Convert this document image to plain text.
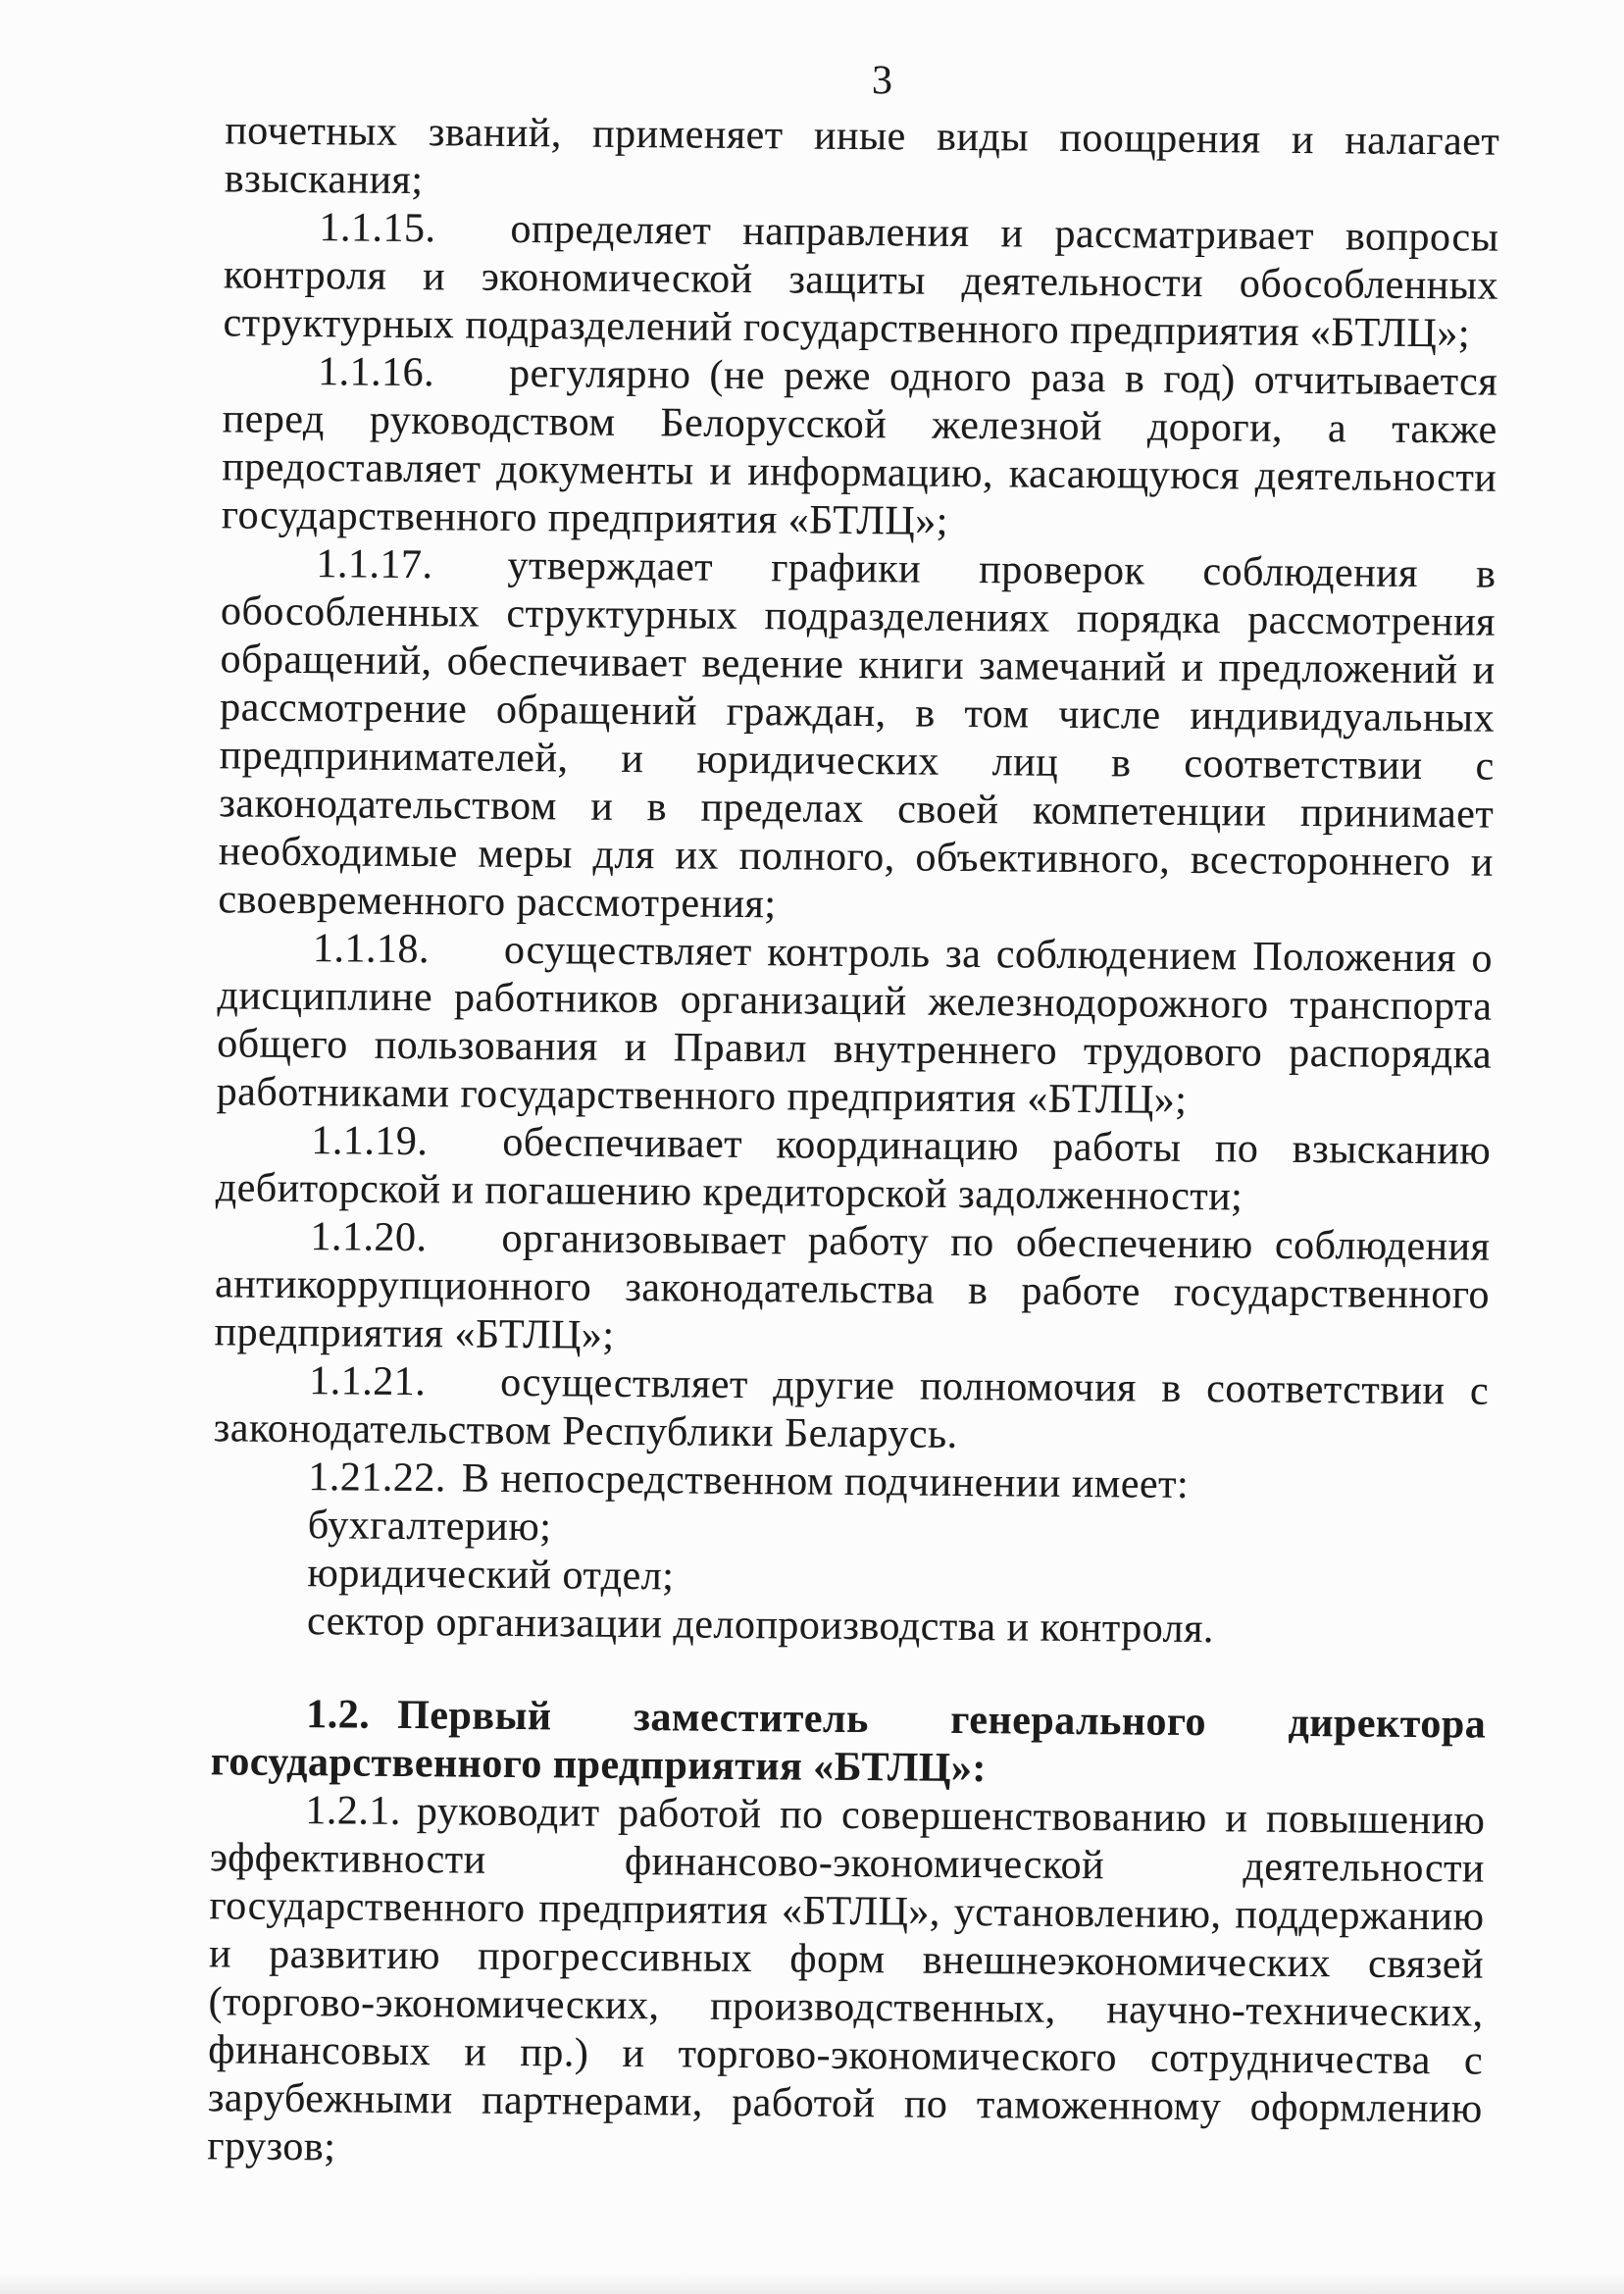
3

почетных званий, применяет иные виды поощрения и налагает взыскания;

1.1.15. определяет направления и рассматривает вопросы контроля и экономической защиты деятельности обособленных структурных подразделений государственного предприятия «БТЛЦ»;

1.1.16. регулярно (не реже одного раза в год) отчитывается перед руководством Белорусской железной дороги, а также предоставляет документы и информацию, касающуюся деятельности государственного предприятия «БТЛЦ»;

1.1.17. утверждает графики проверок соблюдения в обособленных структурных подразделениях порядка рассмотрения обращений, обеспечивает ведение книги замечаний и предложений и рассмотрение обращений граждан, в том числе индивидуальных предпринимателей, и юридических лиц в соответствии с законодательством и в пределах своей компетенции принимает необходимые меры для их полного, объективного, всестороннего и своевременного рассмотрения;

1.1.18. осуществляет контроль за соблюдением Положения о дисциплине работников организаций железнодорожного транспорта общего пользования и Правил внутреннего трудового распорядка работниками государственного предприятия «БТЛЦ»;

1.1.19. обеспечивает координацию работы по взысканию дебиторской и погашению кредиторской задолженности;

1.1.20. организовывает работу по обеспечению соблюдения антикоррупционного законодательства в работе государственного предприятия «БТЛЦ»;

1.1.21. осуществляет другие полномочия в соответствии с законодательством Республики Беларусь.

1.21.22. В непосредственном подчинении имеет:

бухгалтерию;

юридический отдел;

сектор организации делопроизводства и контроля.

1.2. Первый заместитель генерального директора

государственного предприятия «БТЛЦ»:

1.2.1. руководит работой по совершенствованию и повышению эффективности финансово-экономической деятельности государственного предприятия «БТЛЦ», установлению, поддержанию и развитию прогрессивных форм внешнеэкономических связей (торгово-экономических, производственных, научно-технических, финансовых и пр.) и торгово-экономического сотрудничества с зарубежными партнерами, работой по таможенному оформлению грузов;
